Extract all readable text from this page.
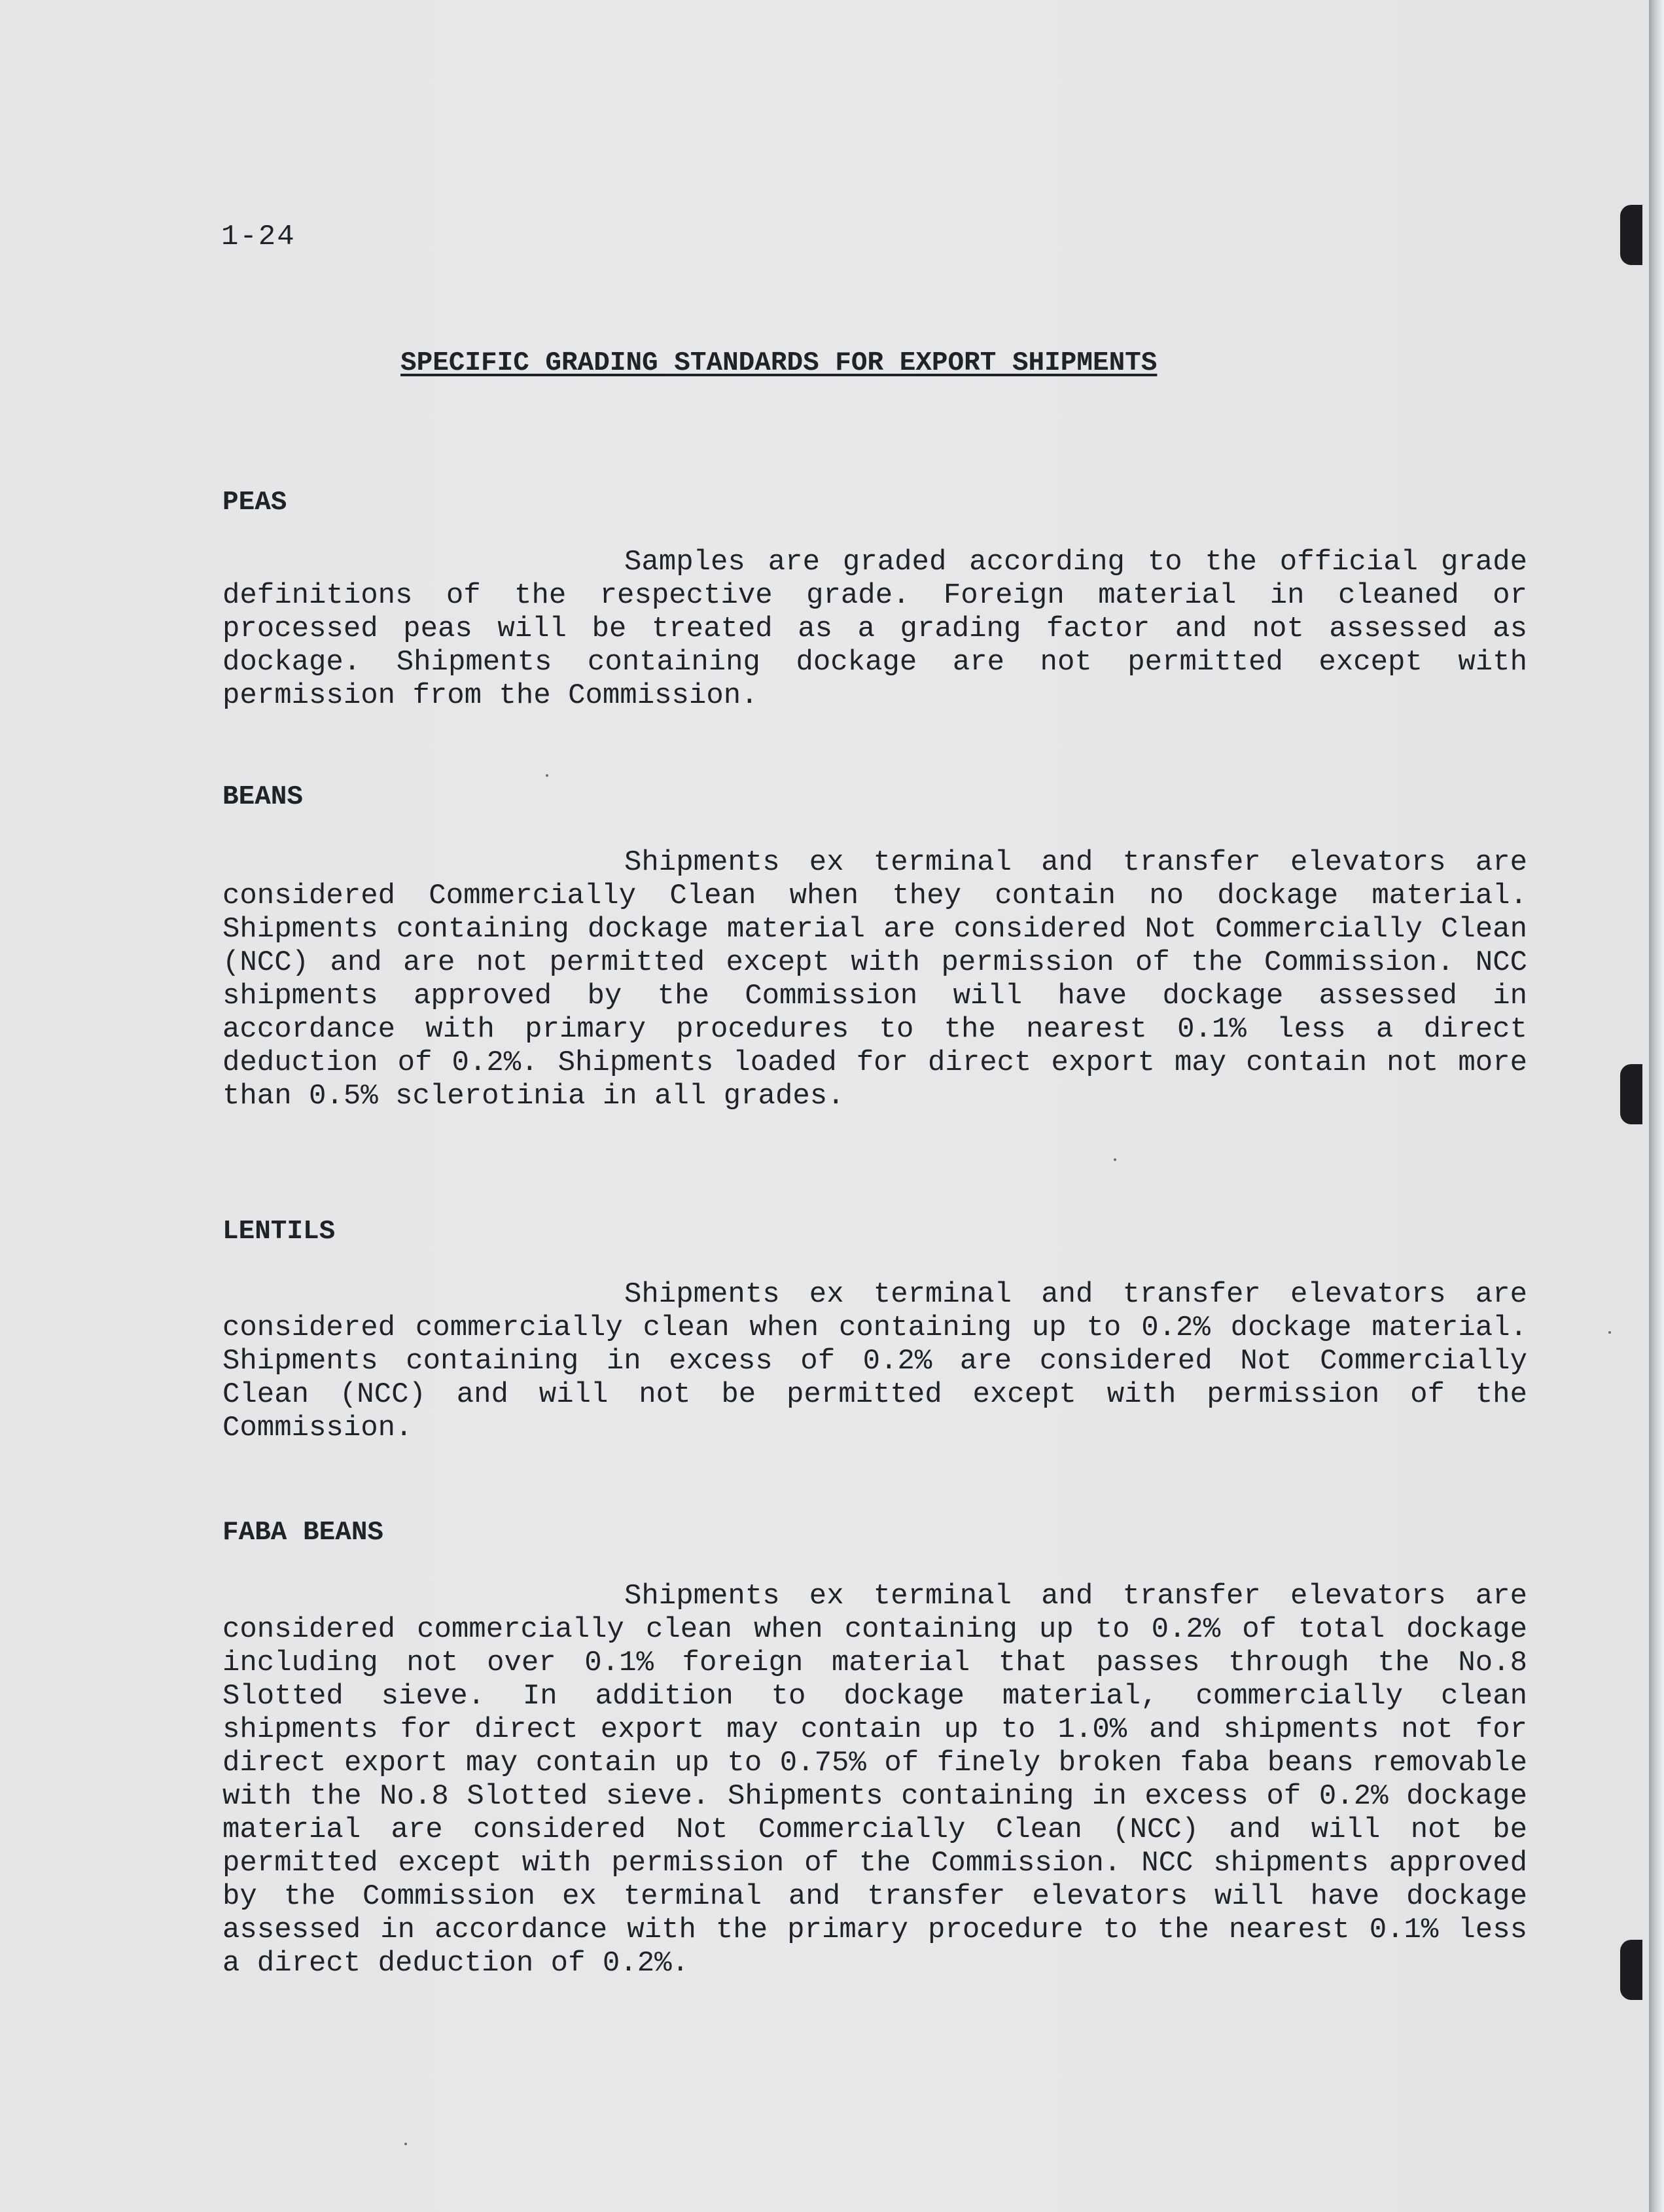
1-24
SPECIFIC GRADING STANDARDS FOR EXPORT SHIPMENTS
PEAS

Samples are graded according to the official grade definitions of the respective grade. Foreign material in cleaned or processed peas will be treated as a grading factor and not assessed as dockage. Shipments containing dockage are not permitted except with permission from the Commission.

BEANS

Shipments ex terminal and transfer elevators are considered Commercially Clean when they contain no dockage material. Shipments containing dockage material are considered Not Commercially Clean (NCC) and are not permitted except with permission of the Commission. NCC shipments approved by the Commission will have dockage assessed in accordance with primary procedures to the nearest 0.1% less a direct deduction of 0.2%. Shipments loaded for direct export may contain not more than 0.5% sclerotinia in all grades.

LENTILS

Shipments ex terminal and transfer elevators are considered commercially clean when containing up to 0.2% dockage material. Shipments containing in excess of 0.2% are considered Not Commercially Clean (NCC) and will not be permitted except with permission of the Commission.

FABA BEANS

Shipments ex terminal and transfer elevators are considered commercially clean when containing up to 0.2% of total dockage including not over 0.1% foreign material that passes through the No.8 Slotted sieve. In addition to dockage material, commercially clean shipments for direct export may contain up to 1.0% and shipments not for direct export may contain up to 0.75% of finely broken faba beans removable with the No.8 Slotted sieve. Shipments containing in excess of 0.2% dockage material are considered Not Commercially Clean (NCC) and will not be permitted except with permission of the Commission. NCC shipments approved by the Commission ex terminal and transfer elevators will have dockage assessed in accordance with the primary procedure to the nearest 0.1% less a direct deduction of 0.2%.
